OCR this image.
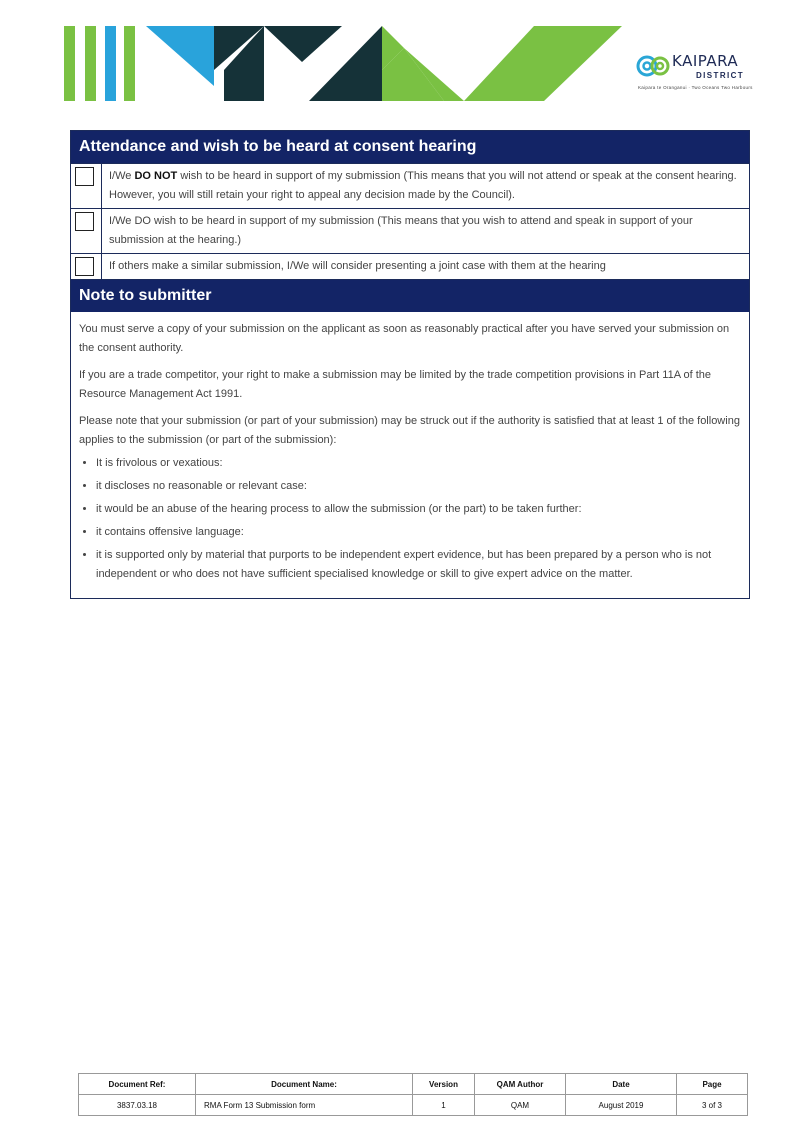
KAIPARA
DISTRICT
Kaipara te Oranganui · Two Oceans Two Harbours
Attendance and wish to be heard at consent hearing
I/We DO NOT wish to be heard in support of my submission (This means that you will not attend or speak at the consent hearing. However, you will still retain your right to appeal any decision made by the Council).
I/We DO wish to be heard in support of my submission (This means that you wish to attend and speak in support of your submission at the hearing.)
If others make a similar submission, I/We will consider presenting a joint case with them at the hearing
Note to submitter

You must serve a copy of your submission on the applicant as soon as reasonably practical after you have served your submission on the consent authority.

If you are a trade competitor, your right to make a submission may be limited by the trade competition provisions in Part 11A of the Resource Management Act 1991.

Please note that your submission (or part of your submission) may be struck out if the authority is satisfied that at least 1 of the following applies to the submission (or part of the submission):

• It is frivolous or vexatious:
• it discloses no reasonable or relevant case:
• it would be an abuse of the hearing process to allow the submission (or the part) to be taken further:
• it contains offensive language:
• it is supported only by material that purports to be independent expert evidence, but has been prepared by a person who is not independent or who does not have sufficient specialised knowledge or skill to give expert advice on the matter.
Document Ref:	Document Name:	Version	QAM Author	Date	Page
3837.03.18	RMA Form 13 Submission form	1	QAM	August 2019	3 of 3
